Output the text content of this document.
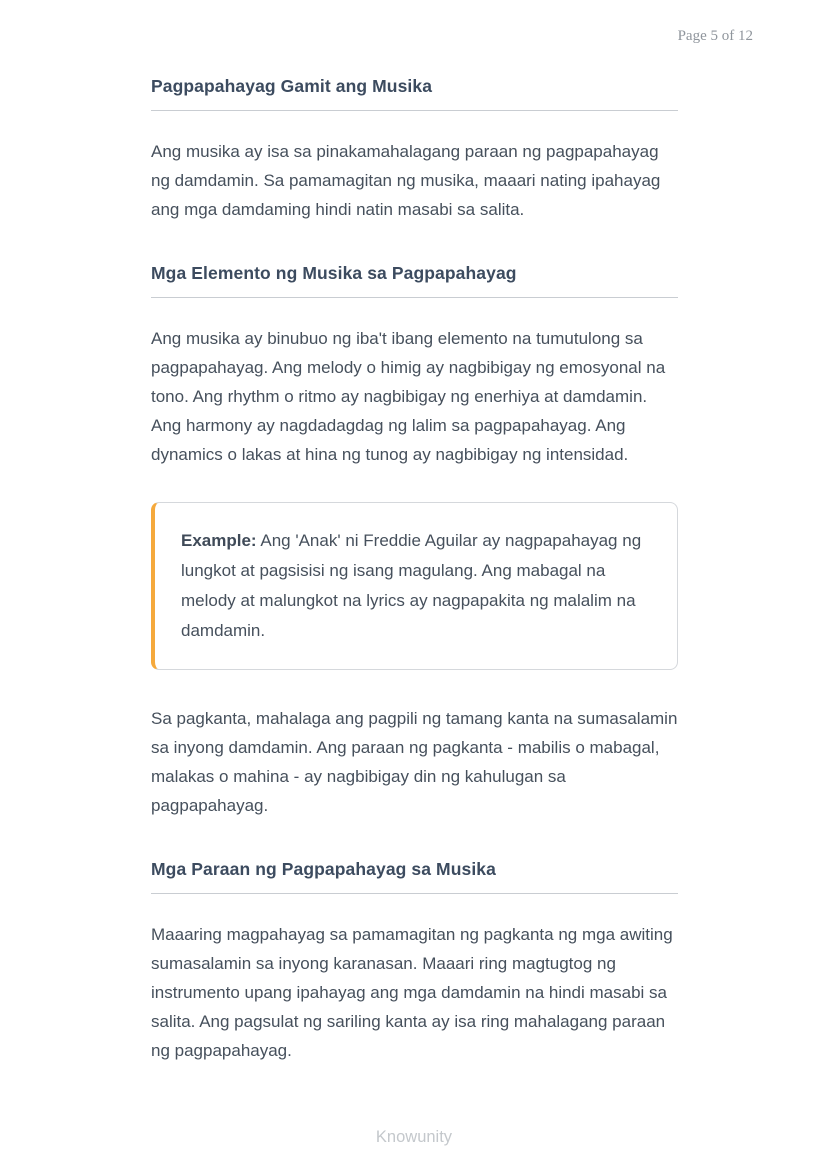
Page 5 of 12
Pagpapahayag Gamit ang Musika

Ang musika ay isa sa pinakamahalagang paraan ng pagpapahayag ng damdamin. Sa pamamagitan ng musika, maaari nating ipahayag ang mga damdaming hindi natin masabi sa salita.

Mga Elemento ng Musika sa Pagpapahayag

Ang musika ay binubuo ng iba't ibang elemento na tumutulong sa pagpapahayag. Ang melody o himig ay nagbibigay ng emosyonal na tono. Ang rhythm o ritmo ay nagbibigay ng enerhiya at damdamin. Ang harmony ay nagdadagdag ng lalim sa pagpapahayag. Ang dynamics o lakas at hina ng tunog ay nagbibigay ng intensidad.

Example: Ang 'Anak' ni Freddie Aguilar ay nagpapahayag ng lungkot at pagsisisi ng isang magulang. Ang mabagal na melody at malungkot na lyrics ay nagpapakita ng malalim na damdamin.

Sa pagkanta, mahalaga ang pagpili ng tamang kanta na sumasalamin sa inyong damdamin. Ang paraan ng pagkanta - mabilis o mabagal, malakas o mahina - ay nagbibigay din ng kahulugan sa pagpapahayag.

Mga Paraan ng Pagpapahayag sa Musika

Maaaring magpahayag sa pamamagitan ng pagkanta ng mga awiting sumasalamin sa inyong karanasan. Maaari ring magtugtog ng instrumento upang ipahayag ang mga damdamin na hindi masabi sa salita. Ang pagsulat ng sariling kanta ay isa ring mahalagang paraan ng pagpapahayag.

Knowunity
